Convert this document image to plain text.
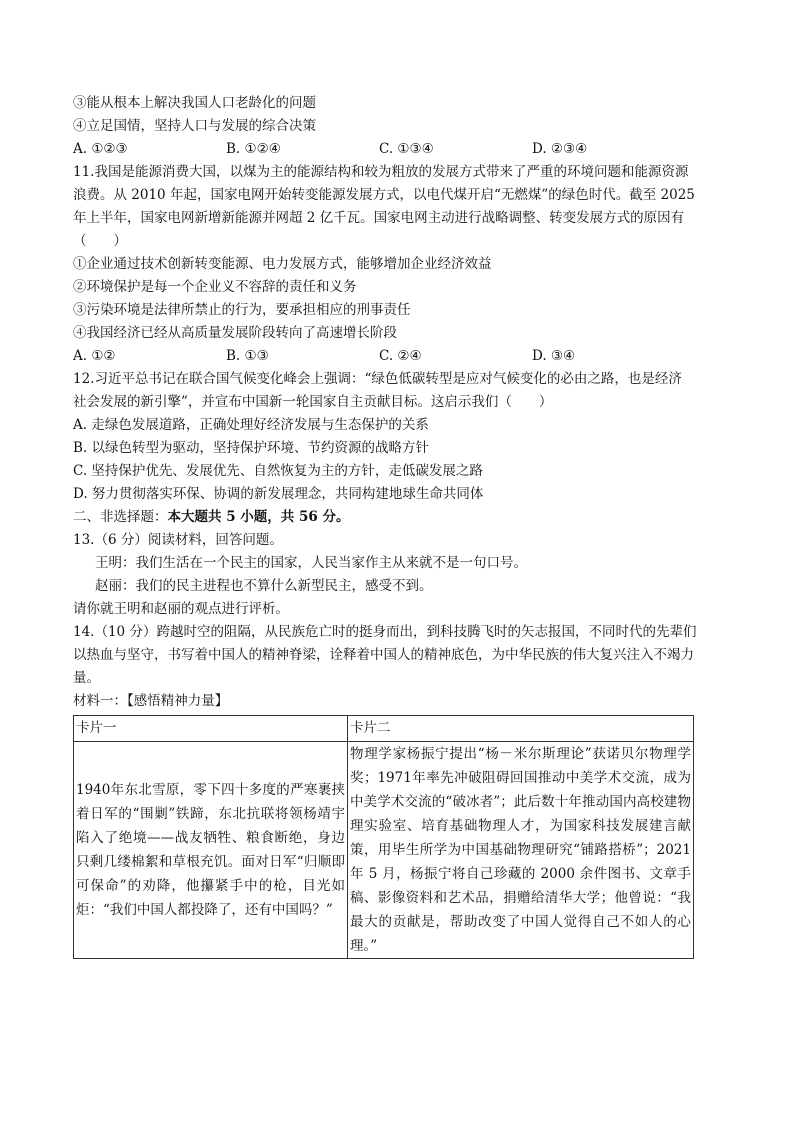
③能从根本上解决我国人口老龄化的问题
④立足国情，坚持人口与发展的综合决策
A. ①②③	B. ①②④	C. ①③④	D. ②③④
11.我国是能源消费大国，以煤为主的能源结构和较为粗放的发展方式带来了严重的环境问题和能源资源
浪费。从 2010 年起，国家电网开始转变能源发展方式，以电代煤开启“无燃煤”的绿色时代。截至 2025
年上半年，国家电网新增新能源并网超 2 亿千瓦。国家电网主动进行战略调整、转变发展方式的原因有
（　　）
①企业通过技术创新转变能源、电力发展方式，能够增加企业经济效益
②环境保护是每一个企业义不容辞的责任和义务
③污染环境是法律所禁止的行为，要承担相应的刑事责任
④我国经济已经从高质量发展阶段转向了高速增长阶段
A. ①②	B. ①③	C. ②④	D. ③④
12.习近平总书记在联合国气候变化峰会上强调：“绿色低碳转型是应对气候变化的必由之路，也是经济
社会发展的新引擎”，并宣布中国新一轮国家自主贡献目标。这启示我们（　　）
A. 走绿色发展道路，正确处理好经济发展与生态保护的关系
B. 以绿色转型为驱动，坚持保护环境、节约资源的战略方针
C. 坚持保护优先、发展优先、自然恢复为主的方针，走低碳发展之路
D. 努力贯彻落实环保、协调的新发展理念，共同构建地球生命共同体
二、非选择题：本大题共 5 小题，共 56 分。
13.（6 分）阅读材料，回答问题。
王明：我们生活在一个民主的国家，人民当家作主从来就不是一句口号。
赵丽：我们的民主进程也不算什么新型民主，感受不到。
请你就王明和赵丽的观点进行评析。
14.（10 分）跨越时空的阻隔，从民族危亡时的挺身而出，到科技腾飞时的矢志报国，不同时代的先辈们
以热血与坚守，书写着中国人的精神脊梁，诠释着中国人的精神底色，为中华民族的伟大复兴注入不竭力
量。
材料一：【感悟精神力量】
卡片一	卡片二

1940年东北雪原，零下四十多度的严寒裹挟着日军的“围剿”铁蹄，东北抗联将领杨靖宇陷入了绝境——战友牺牲、粮食断绝，身边只剩几缕棉絮和草根充饥。面对日军“归顺即可保命”的劝降，他攥紧手中的枪，目光如炬：“我们中国人都投降了，还有中国吗？”	物理学家杨振宁提出“杨－米尔斯理论”获诺贝尔物理学奖；1971年率先冲破阻碍回国推动中美学术交流，成为中美学术交流的“破冰者”；此后数十年推动国内高校建物理实验室、培育基础物理人才，为国家科技发展建言献策，用毕生所学为中国基础物理研究“铺路搭桥”；2021 年 5 月，杨振宁将自己珍藏的 2000 余件图书、文章手稿、影像资料和艺术品，捐赠给清华大学；他曾说：“我最大的贡献是，帮助改变了中国人觉得自己不如人的心理。”
